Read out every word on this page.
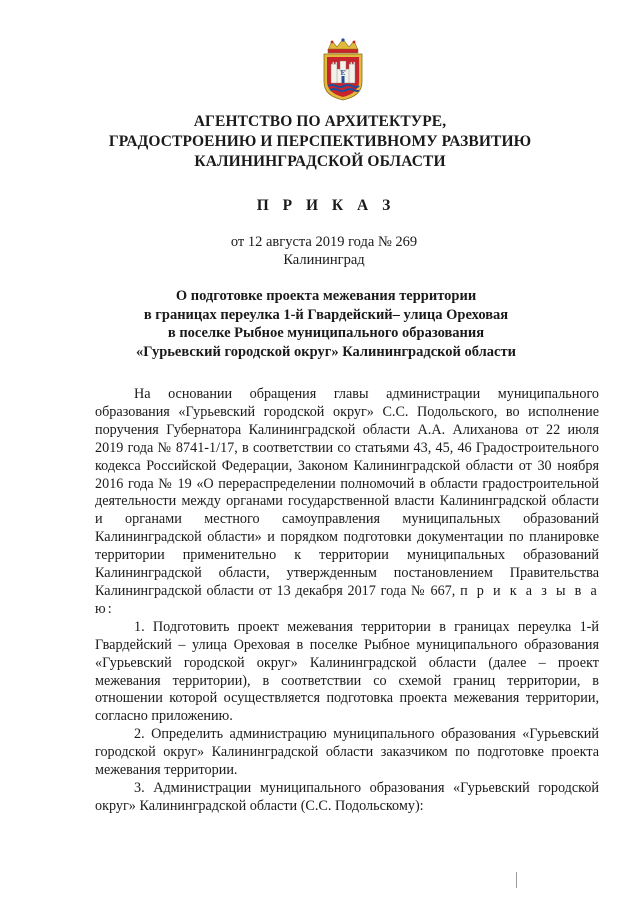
E
АГЕНТСТВО ПО АРХИТЕКТУРЕ,
ГРАДОСТРОЕНИЮ И ПЕРСПЕКТИВНОМУ РАЗВИТИЮ
КАЛИНИНГРАДСКОЙ ОБЛАСТИ
П Р И К А З
от 12 августа 2019 года № 269
Калининград
О подготовке проекта межевания территории
в границах переулка 1-й Гвардейский– улица Ореховая
в поселке Рыбное муниципального образования
«Гурьевский городской округ» Калининградской области

На основании обращения главы администрации муниципального образования «Гурьевский городской округ» С.С. Подольского, во исполнение поручения Губернатора Калининградской области А.А. Алиханова от 22 июля 2019 года № 8741-1/17, в соответствии со статьями 43, 45, 46 Градостроительного кодекса Российской Федерации, Законом Калининградской области от 30 ноября 2016 года № 19 «О перераспределении полномочий в области градостроительной деятельности между органами государственной власти Калининградской области и органами местного самоуправления муниципальных образований Калининградской области» и порядком подготовки документации по планировке территории применительно к территории муниципальных образований Калининградской области, утвержденным постановлением Правительства Калининградской области от 13 декабря 2017 года № 667, п р и к а з ы в а ю:

1. Подготовить проект межевания территории в границах переулка 1-й Гвардейский – улица Ореховая в поселке Рыбное муниципального образования «Гурьевский городской округ» Калининградской области (далее – проект межевания территории), в соответствии со схемой границ территории, в отношении которой осуществляется подготовка проекта межевания территории, согласно приложению.

2. Определить администрацию муниципального образования «Гурьевский городской округ» Калининградской области заказчиком по подготовке проекта межевания территории.

3. Администрации муниципального образования «Гурьевский городской округ» Калининградской области (С.С. Подольскому):
